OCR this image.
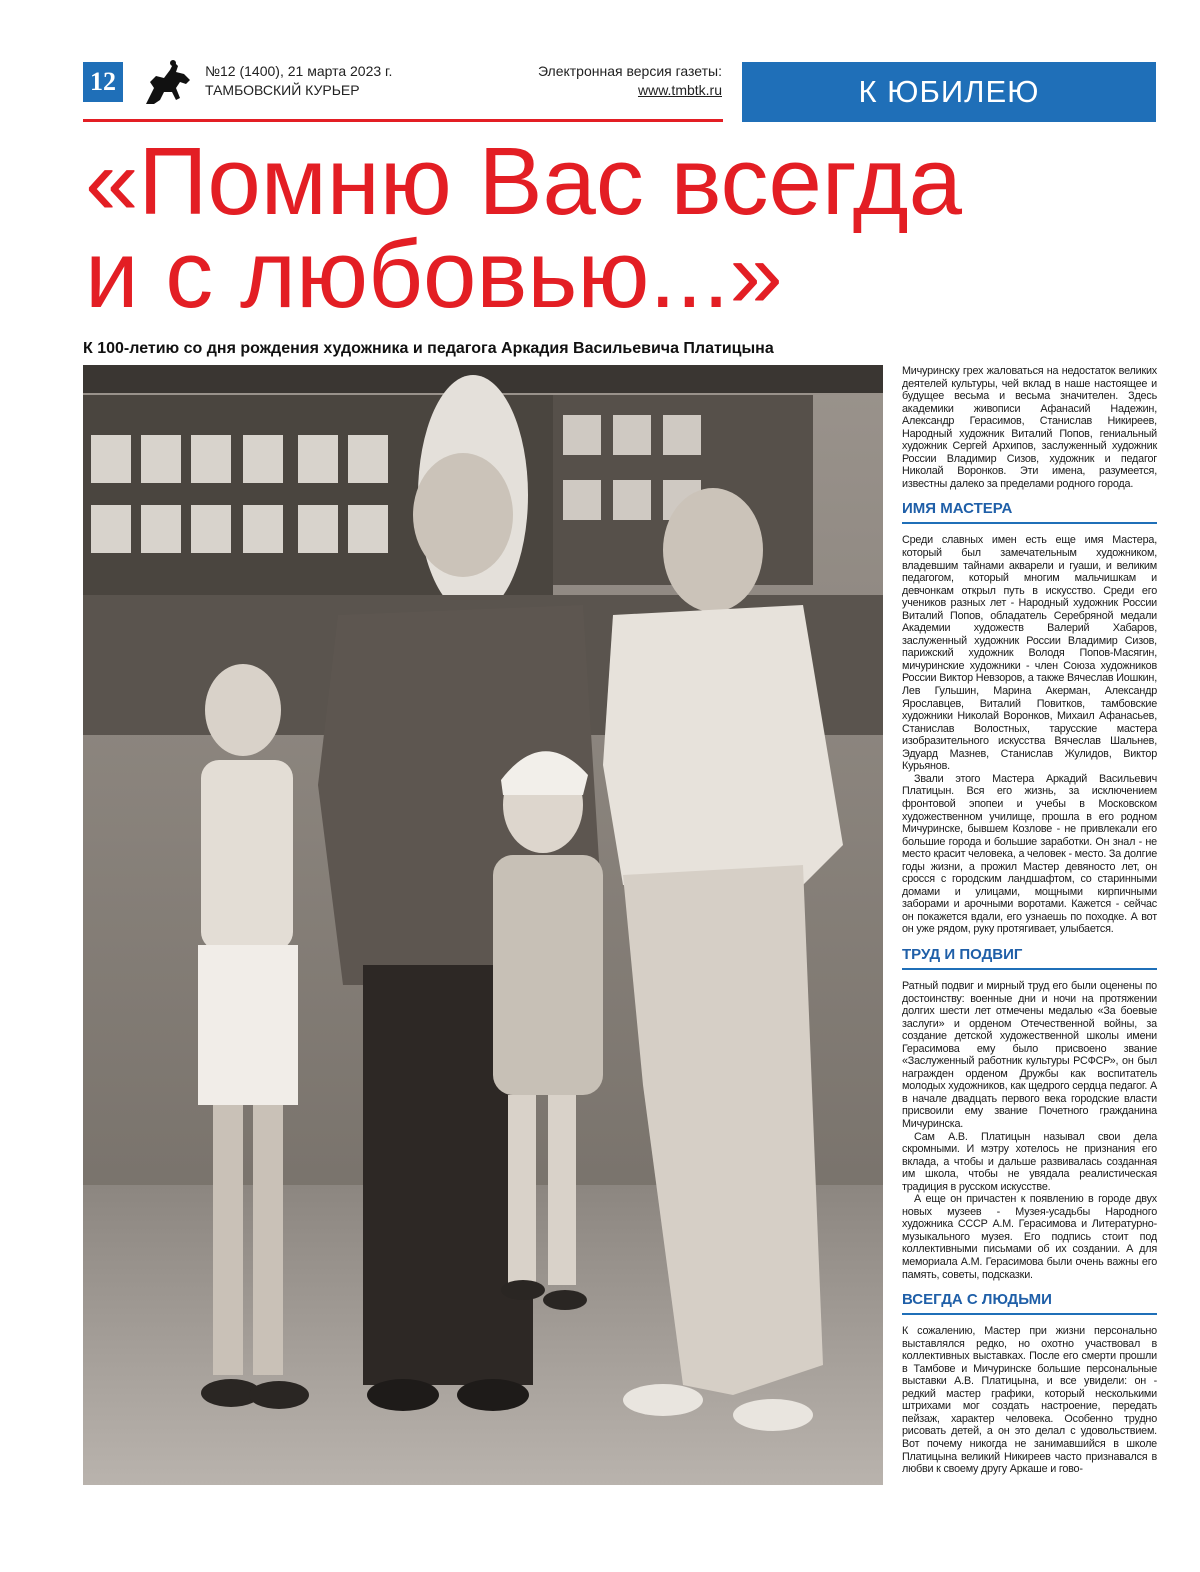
12	№12 (1400), 21 марта 2023 г.
ТАМБОВСКИЙ КУРЬЕР
Электронная версия газеты:
www.tmbtk.ru	К ЮБИЛЕЮ
«Помню Вас всегда
и с любовью...»

К 100-летию со дня рождения художника и педагога Аркадия Васильевича Платицына

Мичуринску грех жаловаться на недостаток великих деятелей культуры, чей вклад в наше настоящее и будущее весьма и весьма значителен. Здесь академики живописи Афанасий Надежин, Александр Герасимов, Станислав Никиреев, Народный художник Виталий Попов, гениальный художник Сергей Архипов, заслуженный художник России Владимир Сизов, художник и педагог Николай Воронков. Эти имена, разумеется, известны далеко за пределами родного города.

ИМЯ МАСТЕРА

Среди славных имен есть еще имя Мастера, который был замечательным художником, владевшим тайнами акварели и гуаши, и великим педагогом, который многим мальчишкам и девчонкам открыл путь в искусство. Среди его учеников разных лет - Народный художник России Виталий Попов, обладатель Серебряной медали Академии художеств Валерий Хабаров, заслуженный художник России Владимир Сизов, парижский художник Володя Попов-Масягин, мичуринские художники - член Союза художников России Виктор Невзоров, а также Вячеслав Иошкин, Лев Гульшин, Марина Акерман, Александр Ярославцев, Виталий Повитков, тамбовские художники Николай Воронков, Михаил Афанасьев, Станислав Волостных, тарусские мастера изобразительного искусства Вячеслав Шальнев, Эдуард Мазнев, Станислав Жулидов, Виктор Курьянов.

Звали этого Мастера Аркадий Васильевич Платицын. Вся его жизнь, за исключением фронтовой эпопеи и учебы в Московском художественном училище, прошла в его родном Мичуринске, бывшем Козлове - не привлекали его большие города и большие заработки. Он знал - не место красит человека, а человек - место. За долгие годы жизни, а прожил Мастер девяносто лет, он сросся с городским ландшафтом, со старинными домами и улицами, мощными кирпичными заборами и арочными воротами. Кажется - сейчас он покажется вдали, его узнаешь по походке. А вот он уже рядом, руку протягивает, улыбается.

ТРУД И ПОДВИГ

Ратный подвиг и мирный труд его были оценены по достоинству: военные дни и ночи на протяжении долгих шести лет отмечены медалью «За боевые заслуги» и орденом Отечественной войны, за создание детской художественной школы имени Герасимова ему было присвоено звание «Заслуженный работник культуры РСФСР», он был награжден орденом Дружбы как воспитатель молодых художников, как щедрого сердца педагог. А в начале двадцать первого века городские власти присвоили ему звание Почетного гражданина Мичуринска.

Сам А.В. Платицын называл свои дела скромными. И мэтру хотелось не признания его вклада, а чтобы и дальше развивалась созданная им школа, чтобы не увядала реалистическая традиция в русском искусстве.

А еще он причастен к появлению в городе двух новых музеев - Музея-усадьбы Народного художника СССР А.М. Герасимова и Литературно-музыкального музея. Его подпись стоит под коллективными письмами об их создании. А для мемориала А.М. Герасимова были очень важны его память, советы, подсказки.

ВСЕГДА С ЛЮДЬМИ

К сожалению, Мастер при жизни персонально выставлялся редко, но охотно участвовал в коллективных выставках. После его смерти прошли в Тамбове и Мичуринске большие персональные выставки А.В. Платицына, и все увидели: он - редкий мастер графики, который несколькими штрихами мог создать настроение, передать пейзаж, характер человека. Особенно трудно рисовать детей, а он это делал с удовольствием. Вот почему никогда не занимавшийся в школе Платицына великий Никиреев часто признавался в любви к своему другу Аркаше и гово-
